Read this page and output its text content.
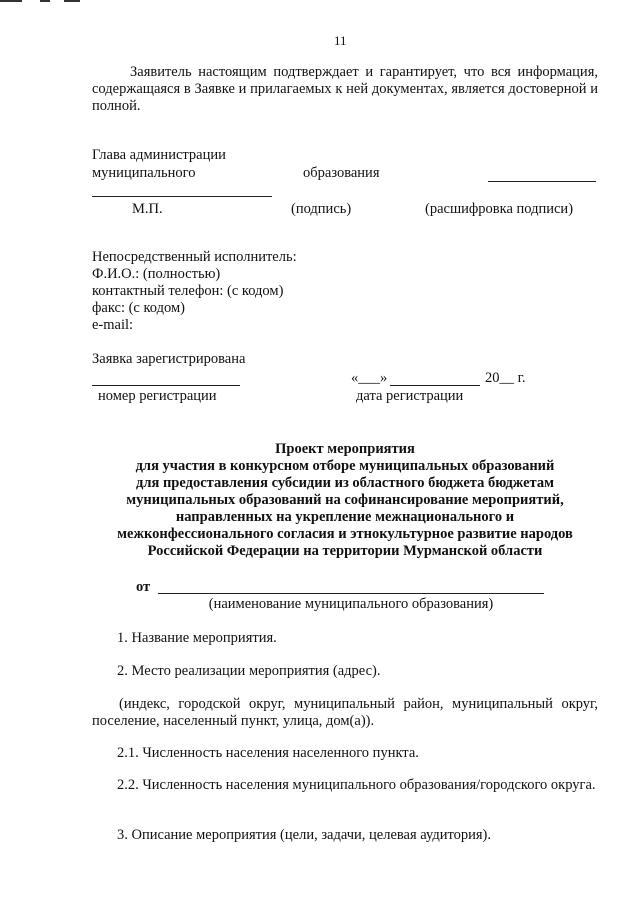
11
Заявитель настоящим подтверждает и гарантирует, что вся информация, содержащаяся в Заявке и прилагаемых к ней документах, является достоверной и полной.
Глава администрации
муниципального	образования
М.П.	(подпись)	(расшифровка подписи)
Непосредственный исполнитель:
Ф.И.О.: (полностью)
контактный телефон: (с кодом)
факс: (с кодом)
e-mail:
Заявка зарегистрирована
«___»	20__ г.
номер регистрации	дата регистрации
Проект мероприятия
для участия в конкурсном отборе муниципальных образований
для предоставления субсидии из областного бюджета бюджетам
муниципальных образований на софинансирование мероприятий,
направленных на укрепление межнационального и
межконфессионального согласия и этнокультурное развитие народов
Российской Федерации на территории Мурманской области
от
(наименование муниципального образования)
1. Название мероприятия.
2. Место реализации мероприятия (адрес).
(индекс, городской округ, муниципальный район, муниципальный округ, поселение, населенный пункт, улица, дом(а)).
2.1. Численность населения населенного пункта.
2.2. Численность населения муниципального образования/городского округа.
3. Описание мероприятия (цели, задачи, целевая аудитория).
